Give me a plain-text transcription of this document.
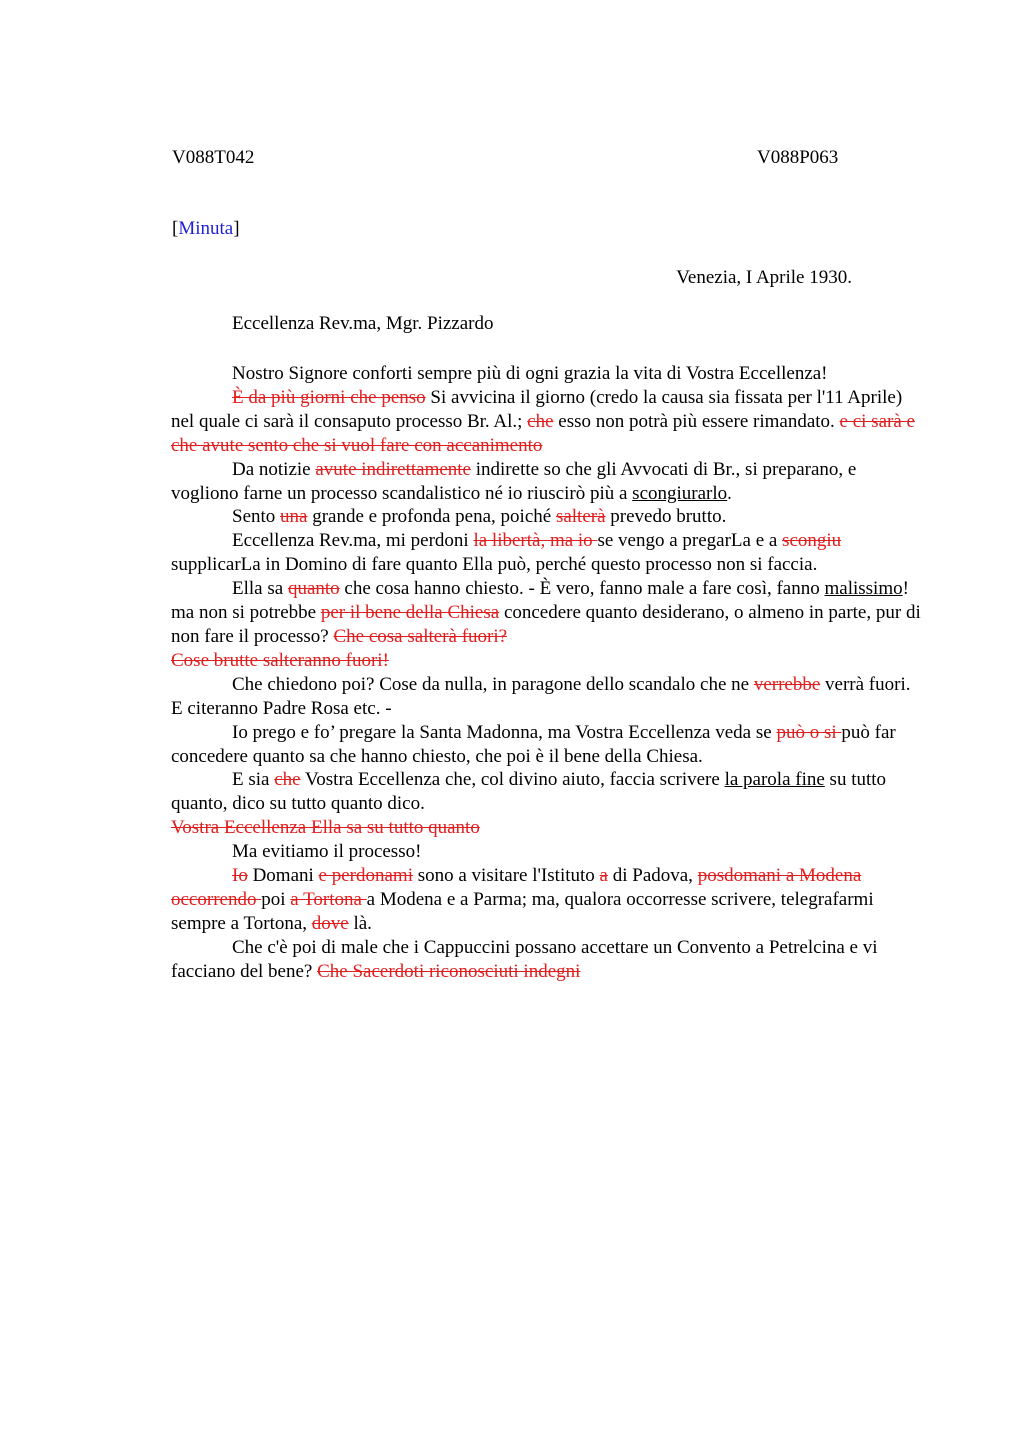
V088T042	V088P063
[Minuta]
Venezia, I Aprile 1930.
Eccellenza Rev.ma, Mgr. Pizzardo

Nostro Signore conforti sempre più di ogni grazia la vita di Vostra Eccellenza!

È da più giorni che penso Si avvicina il giorno (credo la causa sia fissata per l'11 Aprile) nel quale ci sarà il consaputo processo Br. Al.; che esso non potrà più essere rimandato. e ci sarà e che avute sento che si vuol fare con accanimento

Da notizie avute indirettamente indirette so che gli Avvocati di Br., si preparano, e vogliono farne un processo scandalistico né io riuscirò più a scongiurarlo.

Sento una grande e profonda pena, poiché salterà prevedo brutto.

Eccellenza Rev.ma, mi perdoni la libertà, ma io se vengo a pregarLa e a scongiu supplicarLa in Domino di fare quanto Ella può, perché questo processo non si faccia.

Ella sa quanto che cosa hanno chiesto. - È vero, fanno male a fare così, fanno malissimo! ma non si potrebbe per il bene della Chiesa concedere quanto desiderano, o almeno in parte, pur di non fare il processo? Che cosa salterà fuori?

Cose brutte salteranno fuori!

Che chiedono poi? Cose da nulla, in paragone dello scandalo che ne verrebbe verrà fuori. E citeranno Padre Rosa etc. -

Io prego e fo’ pregare la Santa Madonna, ma Vostra Eccellenza veda se può o si può far concedere quanto sa che hanno chiesto, che poi è il bene della Chiesa.

E sia che Vostra Eccellenza che, col divino aiuto, faccia scrivere la parola fine su tutto quanto, dico su tutto quanto dico.

Vostra Eccellenza Ella sa su tutto quanto

Ma evitiamo il processo!

Io Domani e perdonami sono a visitare l'Istituto a di Padova, posdomani a Modena occorrendo poi a Tortona a Modena e a Parma; ma, qualora occorresse scrivere, telegrafarmi sempre a Tortona, dove là.

Che c'è poi di male che i Cappuccini possano accettare un Convento a Petrelcina e vi facciano del bene? Che Sacerdoti riconosciuti indegni
